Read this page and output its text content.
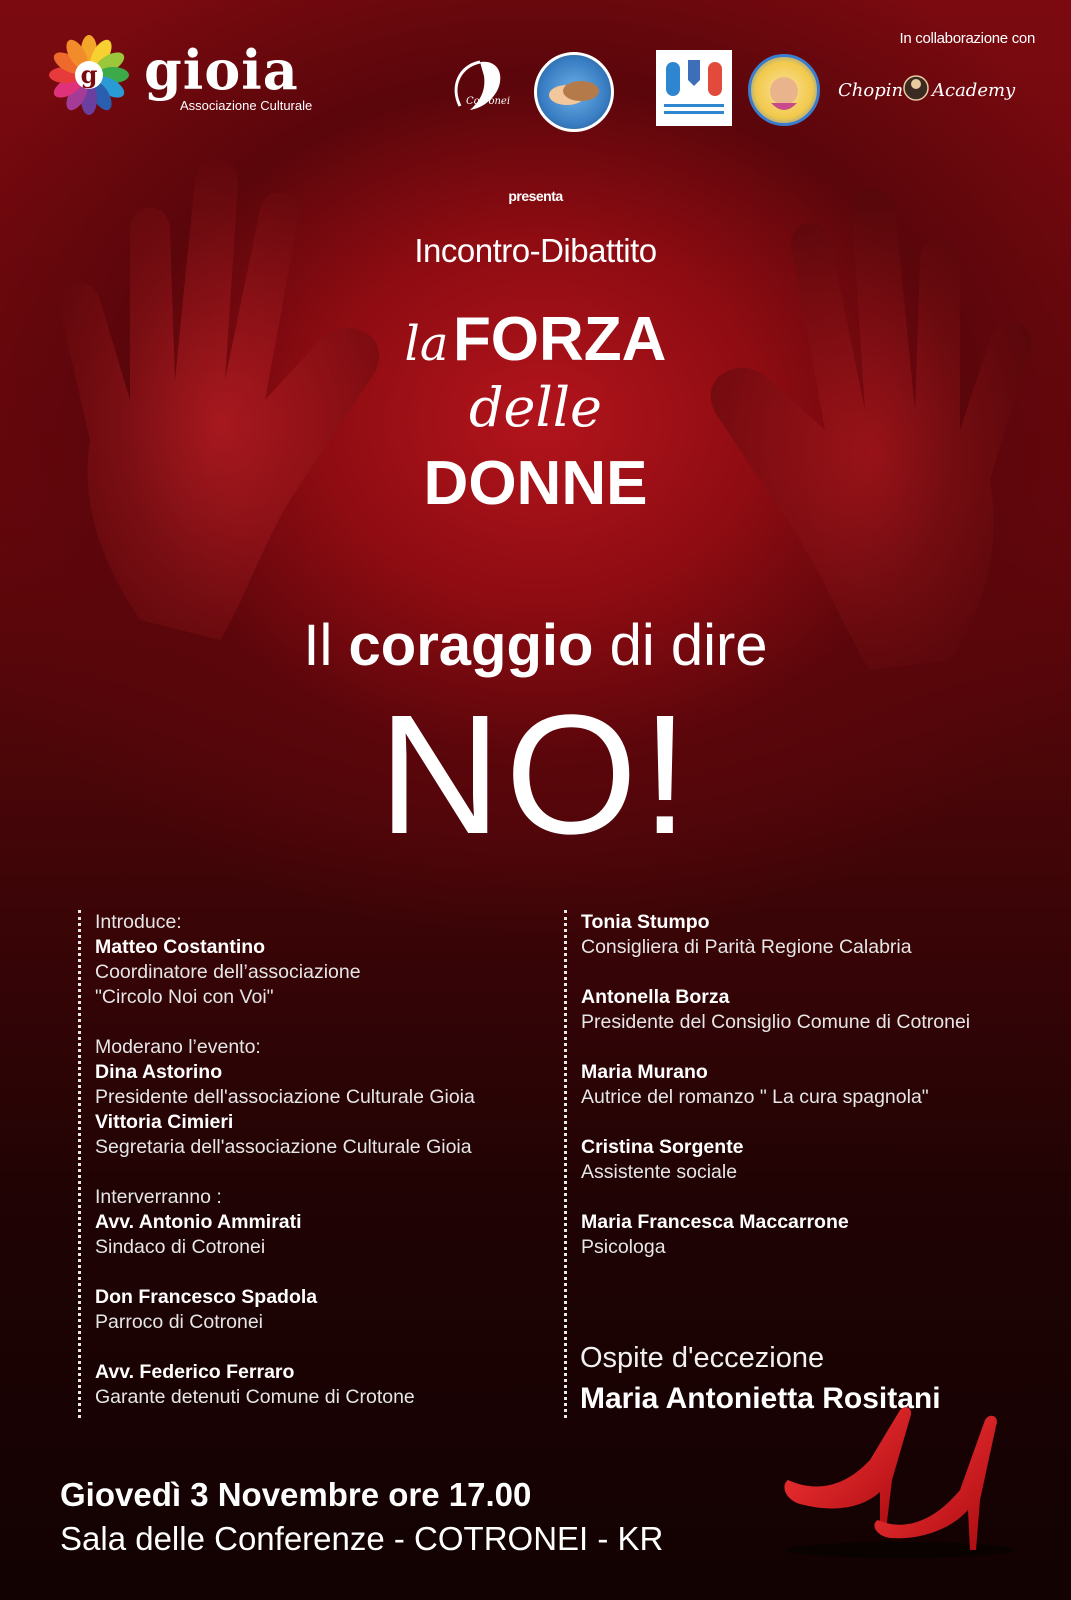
g gioia
Associazione Culturale	Cotronei
In collaborazione con
Chopin Academy
presenta
Incontro-Dibattito
la FORZA
delle
DONNE
Il coraggio di dire
NO!
Introduce:
Matteo Costantino
Coordinatore dell’associazione
"Circolo Noi con Voi"
Moderano l’evento:
Dina Astorino
Presidente dell'associazione Culturale Gioia
Vittoria Cimieri
Segretaria dell'associazione Culturale Gioia
Interverranno :
Avv. Antonio Ammirati
Sindaco di Cotronei
Don Francesco Spadola
Parroco di Cotronei
Avv. Federico Ferraro
Garante detenuti Comune di Crotone
Tonia Stumpo
Consigliera di Parità Regione Calabria
Antonella Borza
Presidente del Consiglio Comune di Cotronei
Maria Murano
Autrice del romanzo " La cura spagnola"
Cristina Sorgente
Assistente sociale
Maria Francesca Maccarrone
Psicologa
Ospite d'eccezione
Maria Antonietta Rositani
Giovedì 3 Novembre ore 17.00
Sala delle Conferenze - COTRONEI - KR
